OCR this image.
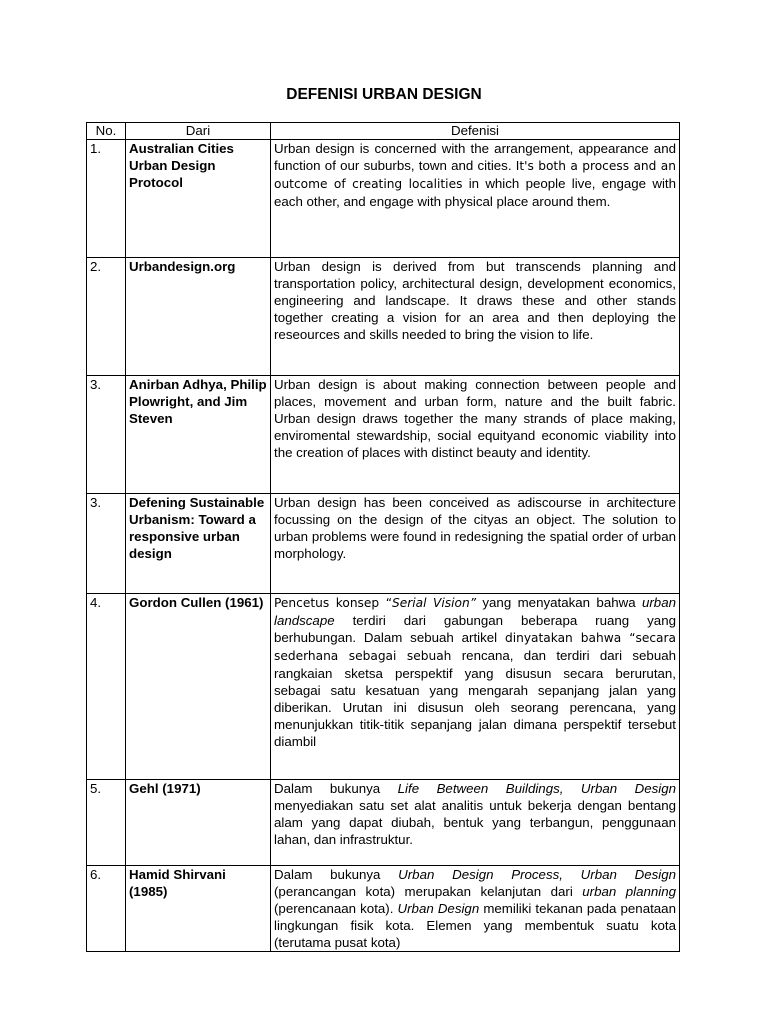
DEFENISI URBAN DESIGN
No.	Dari	Defenisi
1.	Australian Cities Urban Design Protocol	Urban design is concerned with the arrangement, appearance and function of our suburbs, town and cities. It's both a process and an outcome of creating localities in which people live, engage with each other, and engage with physical place around them.
2.	Urbandesign.org	Urban design is derived from but transcends planning and transportation policy, architectural design, development economics, engineering and landscape. It draws these and other stands together creating a vision for an area and then deploying the reseources and skills needed to bring the vision to life.
3.	Anirban Adhya, Philip Plowright, and Jim Steven	Urban design is about making connection between people and places, movement and urban form, nature and the built fabric. Urban design draws together the many strands of place making, enviromental stewardship, social equityand economic viability into the creation of places with distinct beauty and identity.
3.	Defening Sustainable Urbanism: Toward a responsive urban design	Urban design has been conceived as adiscourse in architecture focussing on the design of the cityas an object. The solution to urban problems were found in redesigning the spatial order of urban morphology.
4.	Gordon Cullen (1961)	Pencetus konsep “Serial Vision” yang menyatakan bahwa urban landscape terdiri dari gabungan beberapa ruang yang berhubungan. Dalam sebuah artikel dinyatakan bahwa “secara sederhana sebagai sebuah rencana, dan terdiri dari sebuah rangkaian sketsa perspektif yang disusun secara berurutan, sebagai satu kesatuan yang mengarah sepanjang jalan yang diberikan. Urutan ini disusun oleh seorang perencana, yang menunjukkan titik-titik sepanjang jalan dimana perspektif tersebut diambil
5.	Gehl (1971)	Dalam bukunya Life Between Buildings, Urban Design menyediakan satu set alat analitis untuk bekerja dengan bentang alam yang dapat diubah, bentuk yang terbangun, penggunaan lahan, dan infrastruktur.
6.	Hamid Shirvani (1985)	Dalam bukunya Urban Design Process, Urban Design (perancangan kota) merupakan kelanjutan dari urban planning (perencanaan kota). Urban Design memiliki tekanan pada penataan lingkungan fisik kota. Elemen yang membentuk suatu kota (terutama pusat kota)
